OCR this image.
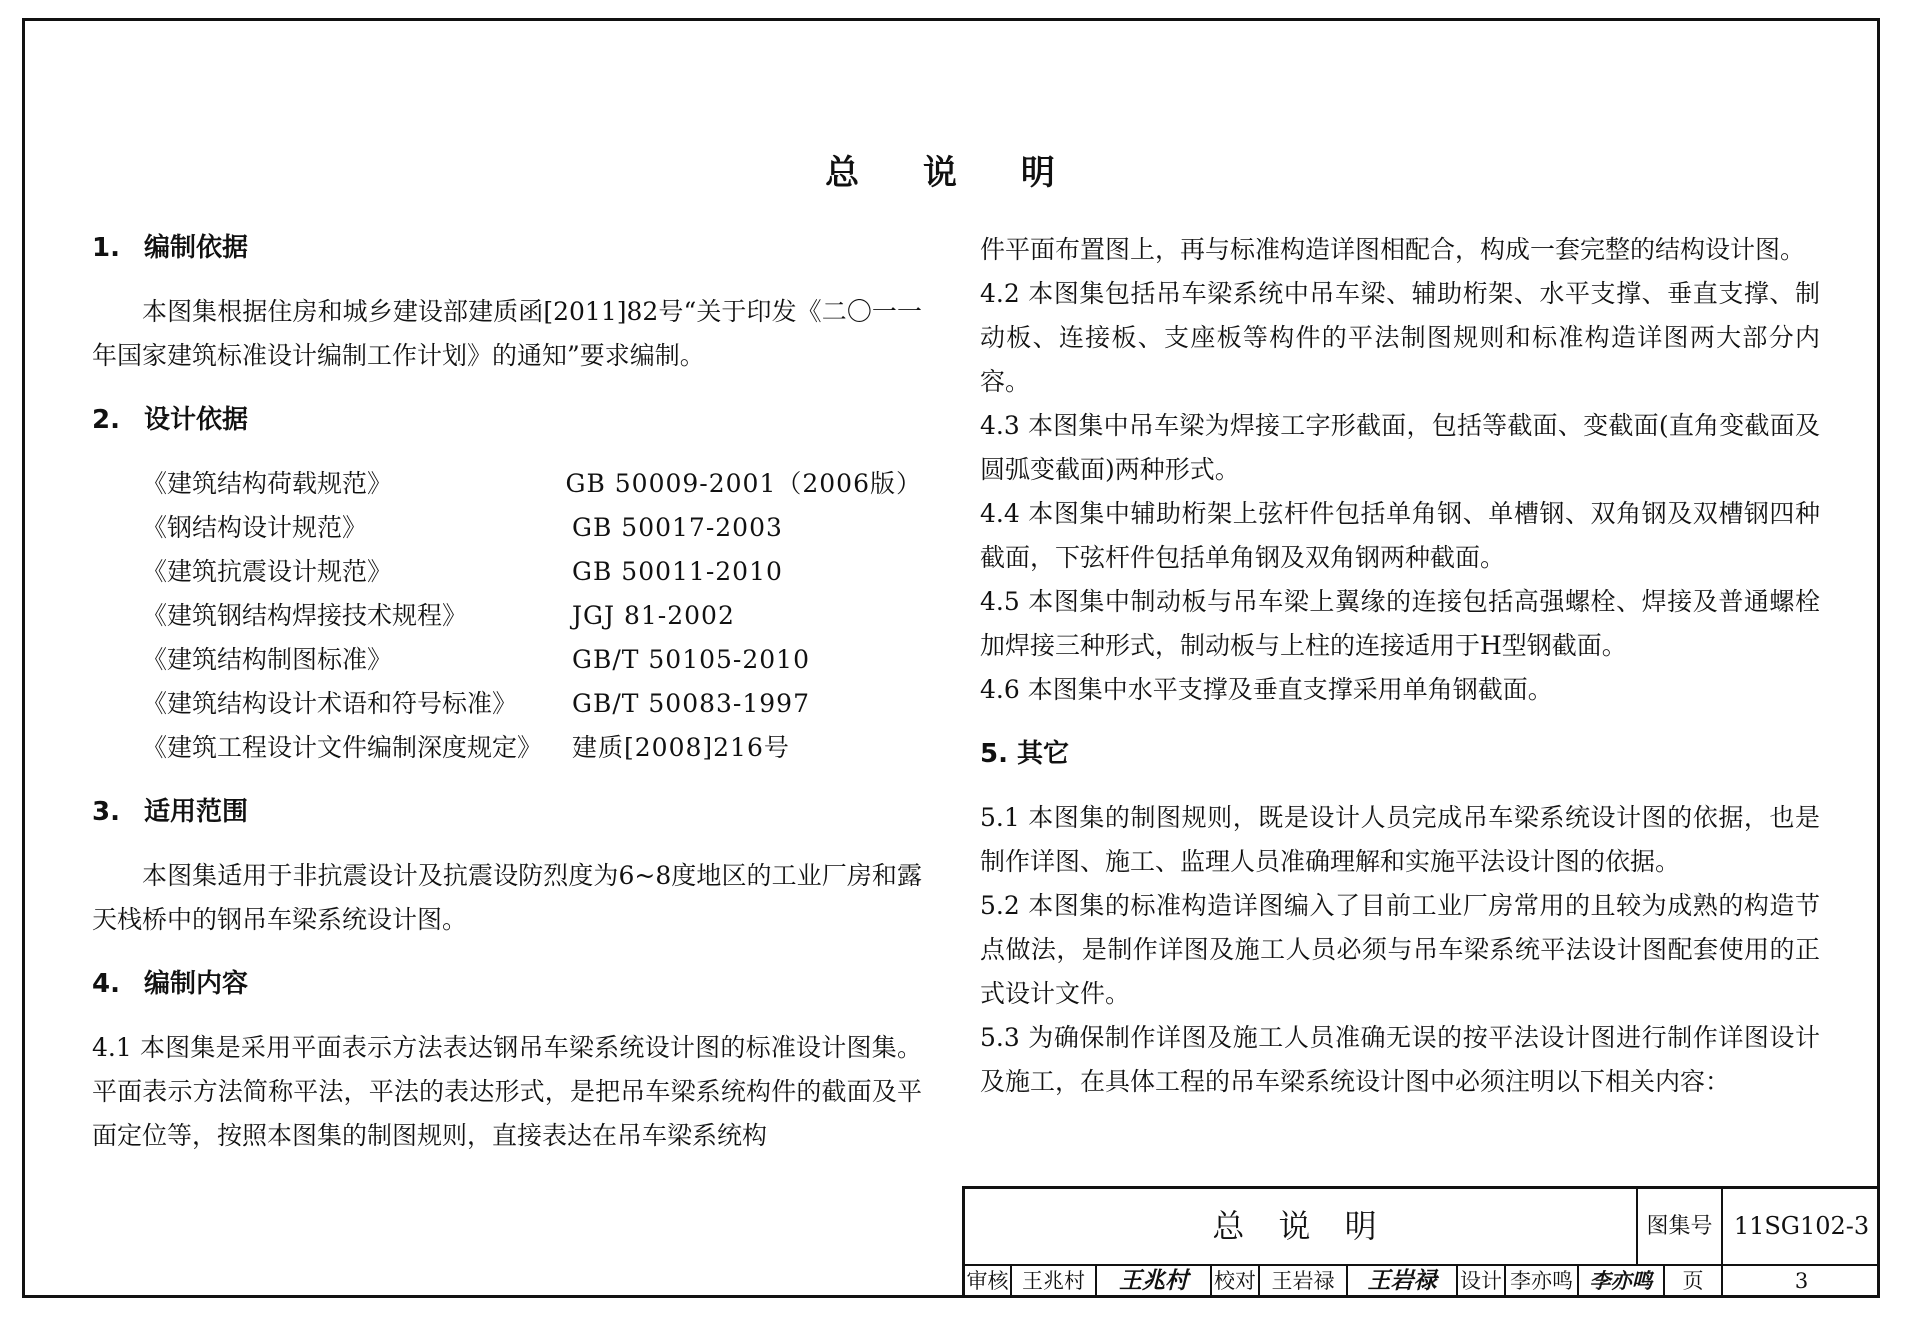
总 说 明
1. 编制依据

本图集根据住房和城乡建设部建质函[2011]82号“关于印发《二〇一一年国家建筑标准设计编制工作计划》的通知”要求编制。

2. 设计依据
《建筑结构荷载规范》	GB 50009-2001（2006版）
《钢结构设计规范》	GB 50017-2003
《建筑抗震设计规范》	GB 50011-2010
《建筑钢结构焊接技术规程》	JGJ 81-2002
《建筑结构制图标准》	GB/T 50105-2010
《建筑结构设计术语和符号标准》	GB/T 50083-1997
《建筑工程设计文件编制深度规定》	建质[2008]216号
3. 适用范围

本图集适用于非抗震设计及抗震设防烈度为6~8度地区的工业厂房和露天栈桥中的钢吊车梁系统设计图。

4. 编制内容

4.1 本图集是采用平面表示方法表达钢吊车梁系统设计图的标准设计图集。平面表示方法简称平法，平法的表达形式，是把吊车梁系统构件的截面及平面定位等，按照本图集的制图规则，直接表达在吊车梁系统构

件平面布置图上，再与标准构造详图相配合，构成一套完整的结构设计图。

4.2 本图集包括吊车梁系统中吊车梁、辅助桁架、水平支撑、垂直支撑、制动板、连接板、支座板等构件的平法制图规则和标准构造详图两大部分内容。

4.3 本图集中吊车梁为焊接工字形截面，包括等截面、变截面(直角变截面及圆弧变截面)两种形式。

4.4 本图集中辅助桁架上弦杆件包括单角钢、单槽钢、双角钢及双槽钢四种截面，下弦杆件包括单角钢及双角钢两种截面。

4.5 本图集中制动板与吊车梁上翼缘的连接包括高强螺栓、焊接及普通螺栓加焊接三种形式，制动板与上柱的连接适用于H型钢截面。

4.6 本图集中水平支撑及垂直支撑采用单角钢截面。

5. 其它

5.1 本图集的制图规则，既是设计人员完成吊车梁系统设计图的依据，也是制作详图、施工、监理人员准确理解和实施平法设计图的依据。

5.2 本图集的标准构造详图编入了目前工业厂房常用的且较为成熟的构造节点做法，是制作详图及施工人员必须与吊车梁系统平法设计图配套使用的正式设计文件。

5.3 为确保制作详图及施工人员准确无误的按平法设计图进行制作详图设计及施工，在具体工程的吊车梁系统设计图中必须注明以下相关内容：

总 说 明	图集号 11SG102-3
审核 王兆村	王兆村	校对 王岩禄	王岩禄	设计 李亦鸣 李亦鸣	页	3
